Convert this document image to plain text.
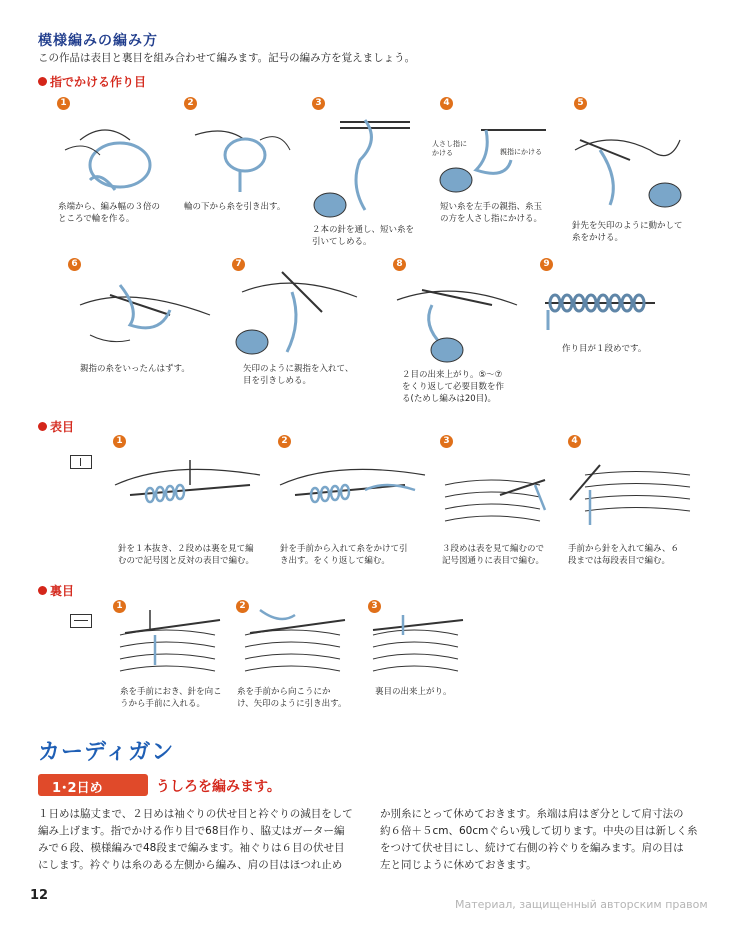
模様編みの編み方
この作品は表目と裏目を組み合わせて編みます。記号の編み方を覚えましょう。
指でかける作り目
1
糸端から、編み幅の３倍の
ところで輪を作る。
2
輪の下から糸を引き出す。
3
２本の針を通し、短い糸を
引いてしめる。
4
人さし指に
かける	親指にかける
短い糸を左手の親指、糸玉
の方を人さし指にかける。
5
針先を矢印のように動かして
糸をかける。
6
親指の糸をいったんはずす。
7
矢印のように親指を入れて、
目を引きしめる。
8
２目の出来上がり。⑤～⑦
をくり返して必要目数を作
る(ためし編みは20目)。
9
作り目が１段めです。
表目
1
針を１本抜き、２段めは裏を見て編
むので記号図と反対の表目で編む。
2
針を手前から入れて糸をかけて引
き出す。をくり返して編む。
3
３段めは表を見て編むので
記号図通りに表目で編む。
4
手前から針を入れて編み、６
段までは毎段表目で編む。
裏目
1
糸を手前におき、針を向こ
うから手前に入れる。
2
糸を手前から向こうにか
け、矢印のように引き出す。
3
裏目の出来上がり。
カーディガン
1･2日め	うしろを編みます。
１日めは脇丈まで、２日めは袖ぐりの伏せ目と衿ぐりの減目をして
編み上げます。指でかける作り目で68目作り、脇丈はガーター編
みで６段、模様編みで48段まで編みます。袖ぐりは６目の伏せ目
にします。衿ぐりは糸のある左側から編み、肩の目はほつれ止め
か別糸にとって休めておきます。糸端は肩はぎ分として肩寸法の
約６倍＋５cm、60cmぐらい残して切ります。中央の目は新しく糸
をつけて伏せ目にし、続けて右側の衿ぐりを編みます。肩の目は
左と同じように休めておきます。
12
Материал, защищенный авторским правом
